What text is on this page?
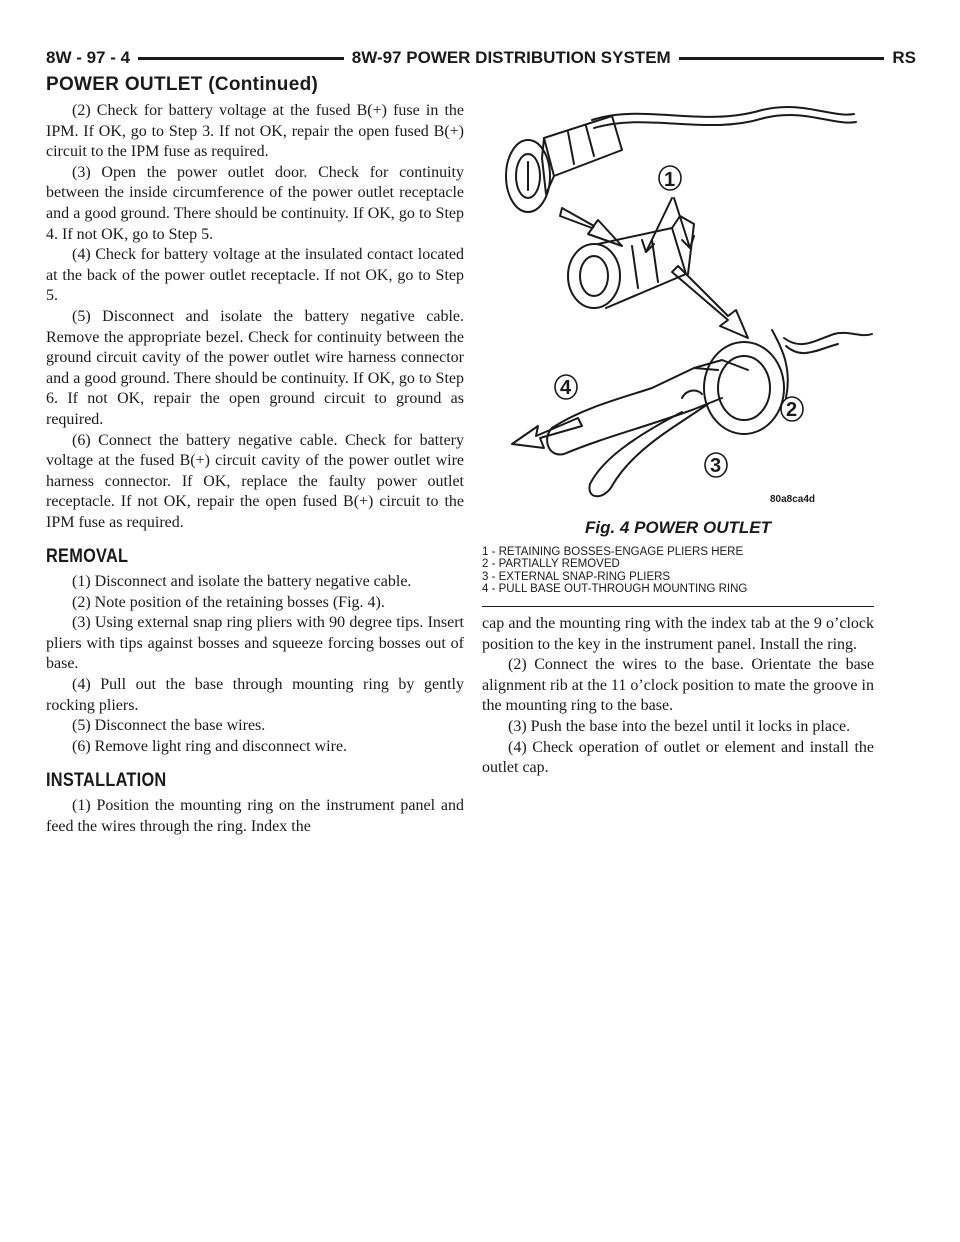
8W - 97 - 4	8W-97 POWER DISTRIBUTION SYSTEM	RS
POWER OUTLET (Continued)

(2) Check for battery voltage at the fused B(+) fuse in the IPM. If OK, go to Step 3. If not OK, repair the open fused B(+) circuit to the IPM fuse as required.

(3) Open the power outlet door. Check for continuity between the inside circumference of the power outlet receptacle and a good ground. There should be continuity. If OK, go to Step 4. If not OK, go to Step 5.

(4) Check for battery voltage at the insulated contact located at the back of the power outlet receptacle. If not OK, go to Step 5.

(5) Disconnect and isolate the battery negative cable. Remove the appropriate bezel. Check for continuity between the ground circuit cavity of the power outlet wire harness connector and a good ground. There should be continuity. If OK, go to Step 6. If not OK, repair the open ground circuit to ground as required.

(6) Connect the battery negative cable. Check for battery voltage at the fused B(+) circuit cavity of the power outlet wire harness connector. If OK, replace the faulty power outlet receptacle. If not OK, repair the open fused B(+) circuit to the IPM fuse as required.

REMOVAL

(1) Disconnect and isolate the battery negative cable.

(2) Note position of the retaining bosses (Fig. 4).

(3) Using external snap ring pliers with 90 degree tips. Insert pliers with tips against bosses and squeeze forcing bosses out of base.

(4) Pull out the base through mounting ring by gently rocking pliers.

(5) Disconnect the base wires.

(6) Remove light ring and disconnect wire.

INSTALLATION

(1) Position the mounting ring on the instrument panel and feed the wires through the ring. Index the

1
2
3
4
80a8ca4d
Fig. 4 POWER OUTLET
1 - RETAINING BOSSES-ENGAGE PLIERS HERE
2 - PARTIALLY REMOVED
3 - EXTERNAL SNAP-RING PLIERS
4 - PULL BASE OUT-THROUGH MOUNTING RING

cap and the mounting ring with the index tab at the 9 o’clock position to the key in the instrument panel. Install the ring.

(2) Connect the wires to the base. Orientate the base alignment rib at the 11 o’clock position to mate the groove in the mounting ring to the base.

(3) Push the base into the bezel until it locks in place.

(4) Check operation of outlet or element and install the outlet cap.
